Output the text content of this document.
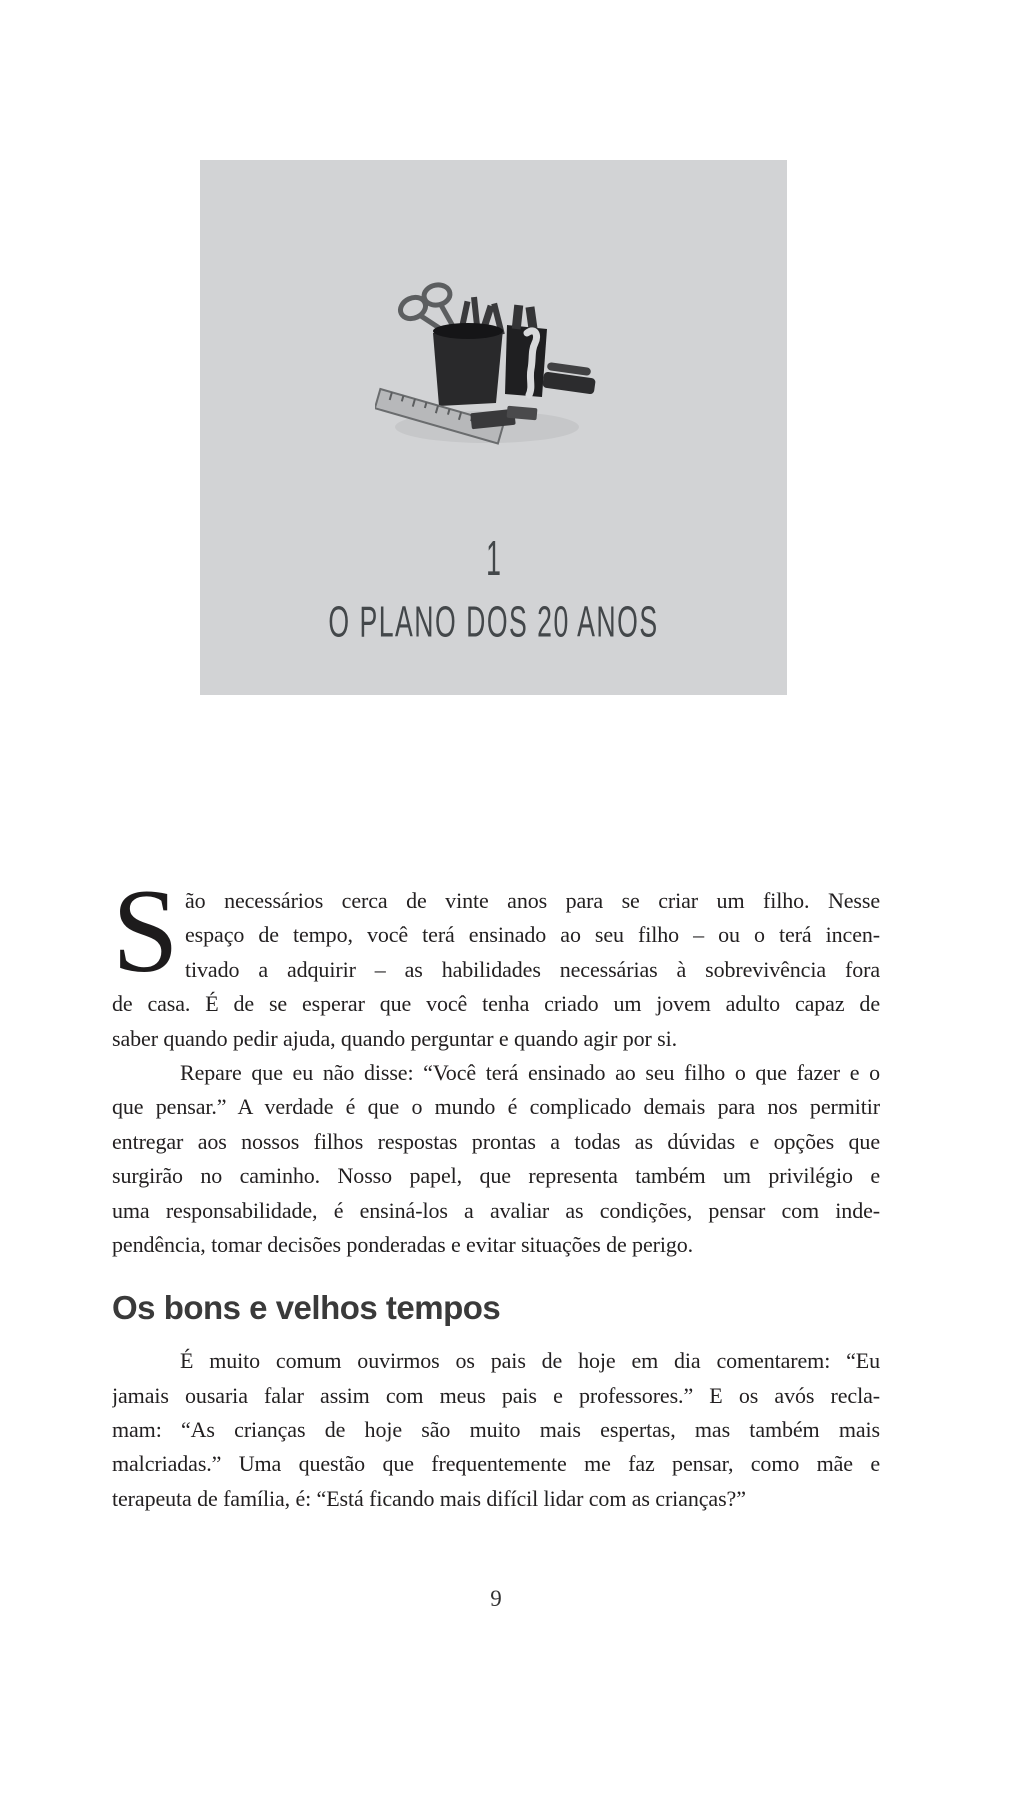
1
O PLANO DOS 20 ANOS
S ão necessários cerca de vinte anos para se criar um filho. Nesse
espaço de tempo, você terá ensinado ao seu filho – ou o terá incen-
tivado a adquirir – as habilidades necessárias à sobrevivência fora
de casa. É de se esperar que você tenha criado um jovem adulto capaz de
saber quando pedir ajuda, quando perguntar e quando agir por si.
Repare que eu não disse: “Você terá ensinado ao seu filho o que fazer e o
que pensar.” A verdade é que o mundo é complicado demais para nos permitir
entregar aos nossos filhos respostas prontas a todas as dúvidas e opções que
surgirão no caminho. Nosso papel, que representa também um privilégio e
uma responsabilidade, é ensiná-los a avaliar as condições, pensar com inde-
pendência, tomar decisões ponderadas e evitar situações de perigo.
Os bons e velhos tempos
É muito comum ouvirmos os pais de hoje em dia comentarem: “Eu
jamais ousaria falar assim com meus pais e professores.” E os avós recla-
mam: “As crianças de hoje são muito mais espertas, mas também mais
malcriadas.” Uma questão que frequentemente me faz pensar, como mãe e
terapeuta de família, é: “Está ficando mais difícil lidar com as crianças?”
9
